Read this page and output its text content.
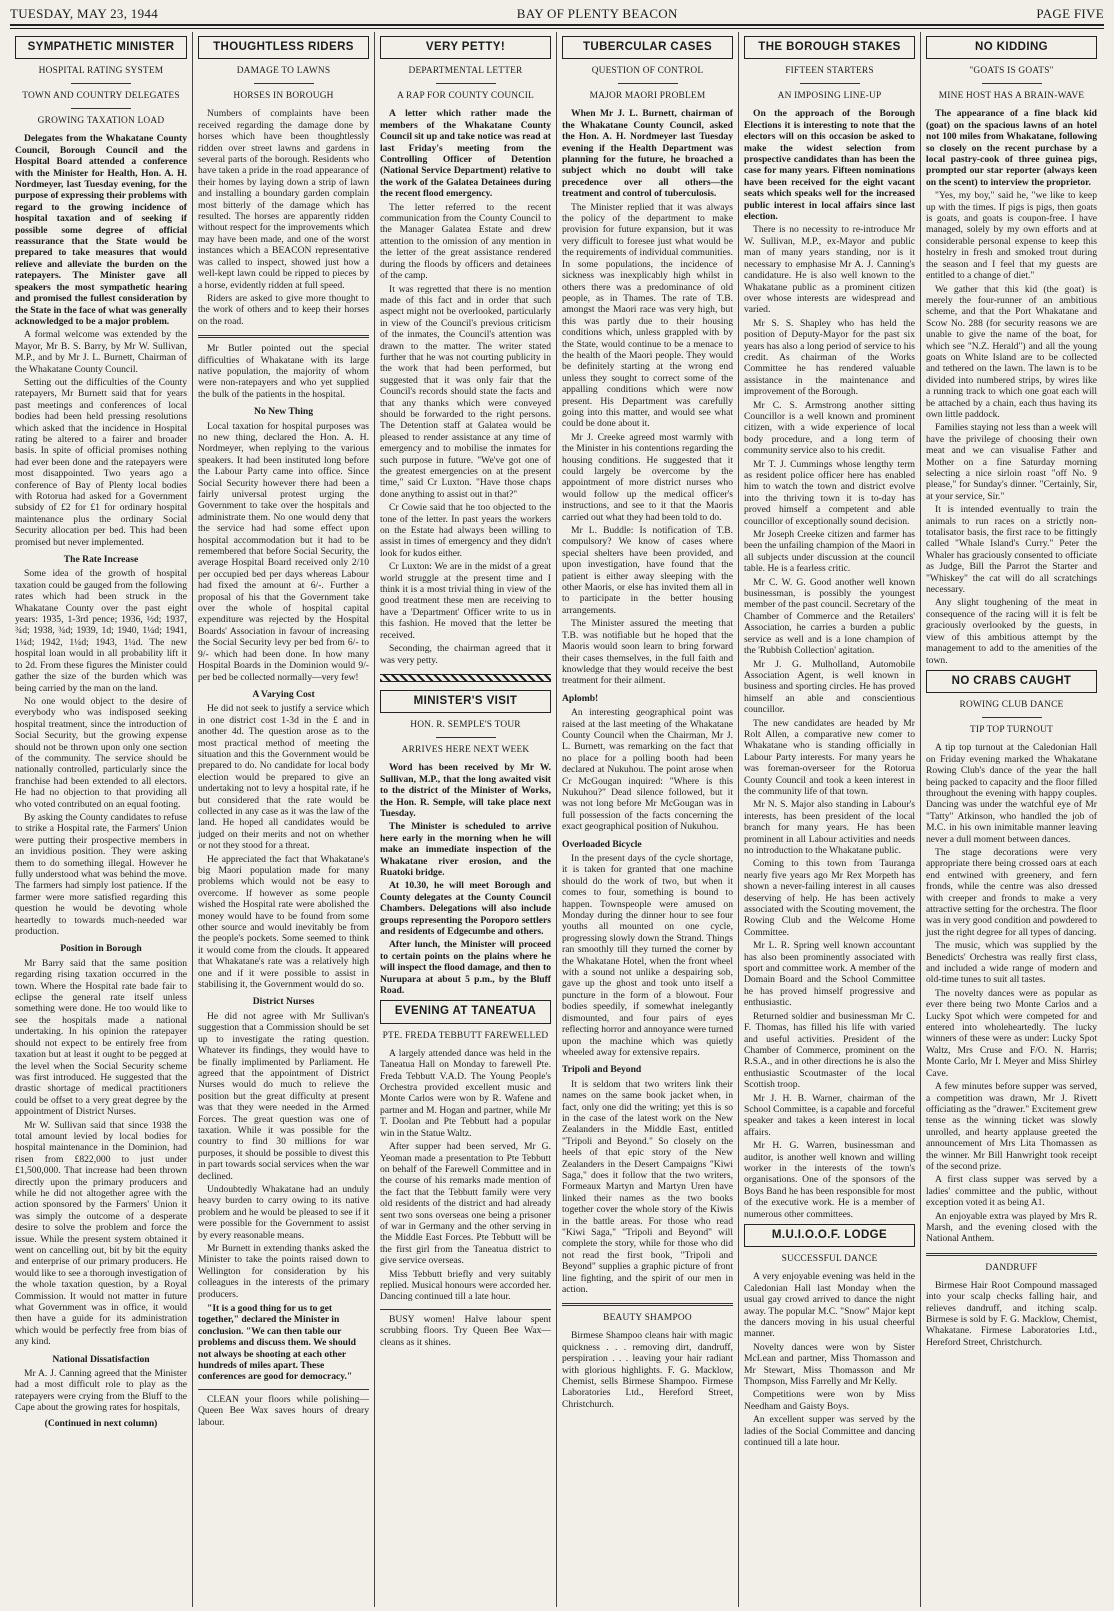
TUESDAY, MAY 23, 1944	BAY OF PLENTY BEACON	PAGE FIVE
SYMPATHETIC MINISTER
HOSPITAL RATING SYSTEM
TOWN AND COUNTRY DELEGATES
GROWING TAXATION LOAD

Delegates from the Whakatane County Council, Borough Council and the Hospital Board attended a conference with the Minister for Health, Hon. A. H. Nordmeyer, last Tuesday evening, for the purpose of expressing their problems with regard to the growing incidence of hospital taxation and of seeking if possible some degree of official reassurance that the State would be prepared to take measures that would relieve and alleviate the burden on the ratepayers. The Minister gave all speakers the most sympathetic hearing and promised the fullest consideration by the State in the face of what was generally acknowledged to be a major problem.

A formal welcome was extended by the Mayor, Mr B. S. Barry, by Mr W. Sullivan, M.P., and by Mr J. L. Burnett, Chairman of the Whakatane County Council.

Setting out the difficulties of the County ratepayers, Mr Burnett said that for years past meetings and conferences of local bodies had been held pressing resolutions which asked that the incidence in Hospital rating be altered to a fairer and broader basis. In spite of official promises nothing had ever been done and the ratepayers were most disappointed. Two years ago a conference of Bay of Plenty local bodies with Rotorua had asked for a Government subsidy of £2 for £1 for ordinary hospital maintenance plus the ordinary Social Security allocation per bed. This had been promised but never implemented.

The Rate Increase

Some idea of the growth of hospital taxation could be gauged from the following rates which had been struck in the Whakatane County over the past eight years: 1935, 1-3rd pence; 1936, ½d; 1937, ¾d; 1938, ¾d; 1939, 1d; 1940, 1¼d; 1941, 1¼d; 1942, 1¼d; 1943, 1¼d. The new hospital loan would in all probability lift it to 2d. From these figures the Minister could gather the size of the burden which was being carried by the man on the land.

No one would object to the desire of everybody who was indisposed seeking hospital treatment, since the introduction of Social Security, but the growing expense should not be thrown upon only one section of the community. The service should be nationally controlled, particularly since the franchise had been extended to all electors. He had no objection to that providing all who voted contributed on an equal footing.

By asking the County candidates to refuse to strike a Hospital rate, the Farmers' Union were putting their prospective members in an invidious position. They were asking them to do something illegal. However he fully understood what was behind the move. The farmers had simply lost patience. If the farmer were more satisfied regarding this question he would be devoting whole heartedly to towards much-needed war production.

Position in Borough

Mr Barry said that the same position regarding rising taxation occurred in the town. Where the Hospital rate bade fair to eclipse the general rate itself unless something were done. He too would like to see the hospitals made a national undertaking. In his opinion the ratepayer should not expect to be entirely free from taxation but at least it ought to be pegged at the level when the Social Security scheme was first introduced. He suggested that the drastic shortage of medical practitioners could be offset to a very great degree by the appointment of District Nurses.

Mr W. Sullivan said that since 1938 the total amount levied by local bodies for hospital maintenance in the Dominion, had risen from £822,000 to just under £1,500,000. That increase had been thrown directly upon the primary producers and while he did not altogether agree with the action sponsored by the Farmers' Union it was simply the outcome of a desperate desire to solve the problem and force the issue. While the present system obtained it went on cancelling out, bit by bit the equity and enterprise of our primary producers. He would like to see a thorough investigation of the whole taxation question, by a Royal Commission. It would not matter in future what Government was in office, it would then have a guide for its administration which would be perfectly free from bias of any kind.

National Dissatisfaction

Mr A. J. Canning agreed that the Minister had a most difficult role to play as the ratepayers were crying from the Bluff to the Cape about the growing rates for hospitals,

(Continued in next column)
THOUGHTLESS RIDERS
DAMAGE TO LAWNS
HORSES IN BOROUGH

Numbers of complaints have been received regarding the damage done by horses which have been thoughtlessly ridden over street lawns and gardens in several parts of the borough. Residents who have taken a pride in the road appearance of their homes by laying down a strip of lawn and installing a boundary garden complain most bitterly of the damage which has resulted. The horses are apparently ridden without respect for the improvements which may have been made, and one of the worst instances which a BEACON representative was called to inspect, showed just how a well-kept lawn could be ripped to pieces by a horse, evidently ridden at full speed.

Riders are asked to give more thought to the work of others and to keep their horses on the road.

Mr Butler pointed out the special difficulties of Whakatane with its large native population, the majority of whom were non-ratepayers and who yet supplied the bulk of the patients in the hospital.

No New Thing

Local taxation for hospital purposes was no new thing, declared the Hon. A. H. Nordmeyer, when replying to the various speakers. It had been instituted long before the Labour Party came into office. Since Social Security however there had been a fairly universal protest urging the Government to take over the hospitals and administrate them. No one would deny that the service had had some effect upon hospital accommodation but it had to be remembered that before Social Security, the average Hospital Board received only 2/10 per occupied bed per days whereas Labour had fixed the amount at 6/-. Further a proposal of his that the Government take over the whole of hospital capital expenditure was rejected by the Hospital Boards' Association in favour of increasing the Social Security levy per bed from 6/- to 9/- which had been done. In how many Hospital Boards in the Dominion would 9/- per bed be collected normally—very few!

A Varying Cost

He did not seek to justify a service which in one district cost 1-3d in the £ and in another 4d. The question arose as to the most practical method of meeting the situation and this the Government would be prepared to do. No candidate for local body election would be prepared to give an undertaking not to levy a hospital rate, if he but considered that the rate would be collected in any case as it was the law of the land. He hoped all candidates would be judged on their merits and not on whether or not they stood for a threat.

He appreciated the fact that Whakatane's big Maori population made for many problems which would not be easy to overcome. If however as some people wished the Hospital rate were abolished the money would have to be found from some other source and would inevitably be from the people's pockets. Some seemed to think it would come from the clouds. It appeared that Whakatane's rate was a relatively high one and if it were possible to assist in stabilising it, the Government would do so.

District Nurses

He did not agree with Mr Sullivan's suggestion that a Commission should be set up to investigate the rating question. Whatever its findings, they would have to be finally implimented by Parliament. He agreed that the appointment of District Nurses would do much to relieve the position but the great difficulty at present was that they were needed in the Armed Forces. The great question was one of taxation. While it was possible for the country to find 30 millions for war purposes, it should be possible to divest this in part towards social services when the war declined.

Undoubtedly Whakatane had an unduly heavy burden to carry owing to its native problem and he would be pleased to see if it were possible for the Government to assist by every reasonable means.

Mr Burnett in extending thanks asked the Minister to take the points raised down to Wellington for consideration by his colleagues in the interests of the primary producers.

"It is a good thing for us to get together," declared the Minister in conclusion. "We can then table our problems and discuss them. We should not always be shooting at each other hundreds of miles apart. These conferences are good for democracy."

CLEAN your floors while polishing—Queen Bee Wax saves hours of dreary labour.

VERY PETTY!
DEPARTMENTAL LETTER
A RAP FOR COUNTY COUNCIL

A letter which rather made the members of the Whakatane County Council sit up and take notice was read at last Friday's meeting from the Controlling Officer of Detention (National Service Department) relative to the work of the Galatea Detainees during the recent flood emergency.

The letter referred to the recent communication from the County Council to the Manager Galatea Estate and drew attention to the omission of any mention in the letter of the great assistance rendered during the floods by officers and detainees of the camp.

It was regretted that there is no mention made of this fact and in order that such aspect might not be overlooked, particularly in view of the Council's previous criticism of the inmates, the Council's attention was drawn to the matter. The writer stated further that he was not courting publicity in the work that had been performed, but suggested that it was only fair that the Council's records should state the facts and that any thanks which were conveyed should be forwarded to the right persons. The Detention staff at Galatea would be pleased to render assistance at any time of emergency and to mobilise the inmates for such purpose in future. "We've got one of the greatest emergencies on at the present time," said Cr Luxton. "Have those chaps done anything to assist out in that?"

Cr Cowie said that he too objected to the tone of the letter. In past years the workers on the Estate had always been willing to assist in times of emergency and they didn't look for kudos either.

Cr Luxton: We are in the midst of a great world struggle at the present time and I think it is a most trivial thing in view of the good treatment these men are receiving to have a 'Department' Officer write to us in this fashion. He moved that the letter be received.

Seconding, the chairman agreed that it was very petty.

MINISTER'S VISIT
HON. R. SEMPLE'S TOUR
ARRIVES HERE NEXT WEEK

Word has been received by Mr W. Sullivan, M.P., that the long awaited visit to the district of the Minister of Works, the Hon. R. Semple, will take place next Tuesday.

The Minister is scheduled to arrive here early in the morning when he will make an immediate inspection of the Whakatane river erosion, and the Ruatoki bridge.

At 10.30, he will meet Borough and County delegates at the County Council Chambers. Delegations will also include groups representing the Poroporo settlers and residents of Edgecumbe and others.

After lunch, the Minister will proceed to certain points on the plains where he will inspect the flood damage, and then to Nurupara at about 5 p.m., by the Bluff Road.

EVENING AT TANEATUA
PTE. FREDA TEBBUTT FAREWELLED

A largely attended dance was held in the Taneatua Hall on Monday to farewell Pte. Freda Tebbutt V.A.D. The Young People's Orchestra provided excellent music and Monte Carlos were won by R. Wafene and partner and M. Hogan and partner, while Mr T. Doolan and Pte Tebbutt had a popular win in the Statue Waltz.

After supper had been served, Mr G. Yeoman made a presentation to Pte Tebbutt on behalf of the Farewell Committee and in the course of his remarks made mention of the fact that the Tebbutt family were very old residents of the district and had already sent two sons overseas one being a prisoner of war in Germany and the other serving in the Middle East Forces. Pte Tebbutt will be the first girl from the Taneatua district to give service overseas.

Miss Tebbutt briefly and very suitably replied. Musical honours were accorded her. Dancing continued till a late hour.

BUSY women! Halve labour spent scrubbing floors. Try Queen Bee Wax—cleans as it shines.

TUBERCULAR CASES
QUESTION OF CONTROL
MAJOR MAORI PROBLEM

When Mr J. L. Burnett, chairman of the Whakatane County Council, asked the Hon. A. H. Nordmeyer last Tuesday evening if the Health Department was planning for the future, he broached a subject which no doubt will take precedence over all others—the treatment and control of tuberculosis.

The Minister replied that it was always the policy of the department to make provision for future expansion, but it was very difficult to foresee just what would be the requirements of individual communities. In some populations, the incidence of sickness was inexplicably high whilst in others there was a predominance of old people, as in Thames. The rate of T.B. amongst the Maori race was very high, but this was partly due to their housing conditions which, unless grappled with by the State, would continue to be a menace to the health of the Maori people. They would be definitely starting at the wrong end unless they sought to correct some of the appalling conditions which were now present. His Department was carefully going into this matter, and would see what could be done about it.

Mr J. Creeke agreed most warmly with the Minister in his contentions regarding the housing conditions. He suggested that it could largely be overcome by the appointment of more district nurses who would follow up the medical officer's instructions, and see to it that the Maoris carried out what they had been told to do.

Mr L. Buddle: Is notification of T.B. compulsory? We know of cases where special shelters have been provided, and upon investigation, have found that the patient is either away sleeping with the other Maoris, or else has invited them all in to participate in the better housing arrangements.

The Minister assured the meeting that T.B. was notifiable but he hoped that the Maoris would soon learn to bring forward their cases themselves, in the full faith and knowledge that they would receive the best treatment for their ailment.

Aplomb!

An interesting geographical point was raised at the last meeting of the Whakatane County Council when the Chairman, Mr J. L. Burnett, was remarking on the fact that no place for a polling booth had been declared at Nukuhou. The point arose when Cr McGougan inquired: "Where is this Nukuhou?" Dead silence followed, but it was not long before Mr McGougan was in full possession of the facts concerning the exact geographical position of Nukuhou.

Overloaded Bicycle

In the present days of the cycle shortage, it is taken for granted that one machine should do the work of two, but when it comes to four, something is bound to happen. Townspeople were amused on Monday during the dinner hour to see four youths all mounted on one cycle, progressing slowly down the Strand. Things ran smoothly till they turned the corner by the Whakatane Hotel, when the front wheel with a sound not unlike a despairing sob, gave up the ghost and took unto itself a puncture in the form of a blowout. Four bodies speedily, if somewhat inelegantly dismounted, and four pairs of eyes reflecting horror and annoyance were turned upon the machine which was quietly wheeled away for extensive repairs.

Tripoli and Beyond

It is seldom that two writers link their names on the same book jacket when, in fact, only one did the writing; yet this is so in the case of the latest work on the New Zealanders in the Middle East, entitled "Tripoli and Beyond." So closely on the heels of that epic story of the New Zealanders in the Desert Campaigns "Kiwi Saga," does it follow that the two writers, Formeaux Martyn and Martyn Uren have linked their names as the two books together cover the whole story of the Kiwis in the battle areas. For those who read "Kiwi Saga," "Tripoli and Beyond" will complete the story, while for those who did not read the first book, "Tripoli and Beyond" supplies a graphic picture of front line fighting, and the spirit of our men in action.

BEAUTY SHAMPOO

Birmese Shampoo cleans hair with magic quickness . . . removing dirt, dandruff, perspiration . . . leaving your hair radiant with glorious highlights. F. G. Macklow, Chemist, sells Birmese Shampoo. Firmese Laboratories Ltd., Hereford Street, Christchurch.

THE BOROUGH STAKES
FIFTEEN STARTERS
AN IMPOSING LINE-UP

On the approach of the Borough Elections it is interesting to note that the electors will on this occasion be asked to make the widest selection from prospective candidates than has been the case for many years. Fifteen nominations have been received for the eight vacant seats which speaks well for the increased public interest in local affairs since last election.

There is no necessity to re-introduce Mr W. Sullivan, M.P., ex-Mayor and public man of many years standing, nor is it necessary to emphasise Mr A. J. Canning's candidature. He is also well known to the Whakatane public as a prominent citizen over whose interests are widespread and varied.

Mr S. S. Shapley who has held the position of Deputy-Mayor for the past six years has also a long period of service to his credit. As chairman of the Works Committee he has rendered valuable assistance in the maintenance and improvement of the Borough.

Mr C. S. Armstrong another sitting Councillor is a well known and prominent citizen, with a wide experience of local body procedure, and a long term of community service also to his credit.

Mr T. J. Cummings whose lengthy term as resident police officer here has enabled him to watch the town and district evolve into the thriving town it is to-day has proved himself a competent and able councillor of exceptionally sound decision.

Mr Joseph Creeke citizen and farmer has been the unfailing champion of the Maori in all subjects under discussion at the council table. He is a fearless critic.

Mr C. W. G. Good another well known businessman, is possibly the youngest member of the past council. Secretary of the Chamber of Commerce and the Retailers' Association, he carries a burden a public service as well and is a lone champion of the 'Rubbish Collection' agitation.

Mr J. G. Mulholland, Automobile Association Agent, is well known in business and sporting circles. He has proved himself an able and conscientious councillor.

The new candidates are headed by Mr Rolt Allen, a comparative new comer to Whakatane who is standing officially in Labour Party interests. For many years he was foreman-overseer for the Rotorua County Council and took a keen interest in the community life of that town.

Mr N. S. Major also standing in Labour's interests, has been president of the local branch for many years. He has been prominent in all Labour activities and needs no introduction to the Whakatane public.

Coming to this town from Tauranga nearly five years ago Mr Rex Morpeth has shown a never-failing interest in all causes deserving of help. He has been actively associated with the Scouting movement, the Rowing Club and the Welcome Home Committee.

Mr L. R. Spring well known accountant has also been prominently associated with sport and committee work. A member of the Domain Board and the School Committee he has proved himself progressive and enthusiastic.

Returned soldier and businessman Mr C. F. Thomas, has filled his life with varied and useful activities. President of the Chamber of Commerce, prominent on the R.S.A., and in other directions he is also the enthusiastic Scoutmaster of the local Scottish troop.

Mr J. H. B. Warner, chairman of the School Committee, is a capable and forceful speaker and takes a keen interest in local affairs.

Mr H. G. Warren, businessman and auditor, is another well known and willing worker in the interests of the town's organisations. One of the sponsors of the Boys Band he has been responsible for most of the executive work. He is a member of numerous other committees.

M.U.I.O.O.F. LODGE
SUCCESSFUL DANCE

A very enjoyable evening was held in the Caledonian Hall last Monday when the usual gay crowd arrived to dance the night away. The popular M.C. "Snow" Major kept the dancers moving in his usual cheerful manner.

Novelty dances were won by Sister McLean and partner, Miss Thomasson and Mr Stewart, Miss Thomasson and Mr Thompson, Miss Farrelly and Mr Kelly.

Competitions were won by Miss Needham and Gaisty Boys.

An excellent supper was served by the ladies of the Social Committee and dancing continued till a late hour.

NO KIDDING
"GOATS IS GOATS"
MINE HOST HAS A BRAIN-WAVE

The appearance of a fine black kid (goat) on the spacious lawns of an hotel not 100 miles from Whakatane, following so closely on the recent purchase by a local pastry-cook of three guinea pigs, prompted our star reporter (always keen on the scent) to interview the proprietor.

"Yes, my boy," said he, "we like to keep up with the times. If pigs is pigs, then goats is goats, and goats is coupon-free. I have managed, solely by my own efforts and at considerable personal expense to keep this hostelry in fresh and smoked trout during the season and I feel that my guests are entitled to a change of diet."

We gather that this kid (the goat) is merely the four-runner of an ambitious scheme, and that the Port Whakatane and Scow No. 288 (for security reasons we are unable to give the name of the boat, for which see "N.Z. Herald") and all the young goats on White Island are to be collected and tethered on the lawn. The lawn is to be divided into numbered strips, by wires like a running track to which one goat each will be attached by a chain, each thus having its own little paddock.

Families staying not less than a week will have the privilege of choosing their own meat and we can visualise Father and Mother on a fine Saturday morning selecting a nice sirloin roast "off No. 9 please," for Sunday's dinner. "Certainly, Sir, at your service, Sir."

It is intended eventually to train the animals to run races on a strictly non-totalisator basis, the first race to be fittingly called "Whale Island's Curry." Peter the Whaler has graciously consented to officiate as Judge, Bill the Parrot the Starter and "Whiskey" the cat will do all scratchings necessary.

Any slight toughening of the meat in consequence of the racing will it is felt be graciously overlooked by the guests, in view of this ambitious attempt by the management to add to the amenities of the town.

NO CRABS CAUGHT
ROWING CLUB DANCE
TIP TOP TURNOUT

A tip top turnout at the Caledonian Hall on Friday evening marked the Whakatane Rowing Club's dance of the year the hall being packed to capacity and the floor filled throughout the evening with happy couples. Dancing was under the watchful eye of Mr "Tatty" Atkinson, who handled the job of M.C. in his own inimitable manner leaving never a dull moment between dances.

The stage decorations were very appropriate there being crossed oars at each end entwined with greenery, and fern fronds, while the centre was also dressed with creeper and fronds to make a very attractive setting for the orchestra. The floor was in very good condition and powdered to just the right degree for all types of dancing.

The music, which was supplied by the Benedicts' Orchestra was really first class, and included a wide range of modern and old-time tunes to suit all tastes.

The novelty dances were as popular as ever there being two Monte Carlos and a Lucky Spot which were competed for and entered into wholeheartedly. The lucky winners of these were as under: Lucky Spot Waltz, Mrs Cruse and F/O. N. Harris; Monte Carlo, Mr I. Meyer and Miss Shirley Cave.

A few minutes before supper was served, a competition was drawn, Mr J. Rivett officiating as the "drawer." Excitement grew tense as the winning ticket was slowly unrolled, and hearty applause greeted the announcement of Mrs Lita Thomassen as the winner. Mr Bill Hanwright took receipt of the second prize.

A first class supper was served by a ladies' committee and the public, without exception voted it as being A1.

An enjoyable extra was played by Mrs R. Marsh, and the evening closed with the National Anthem.

DANDRUFF

Birmese Hair Root Compound massaged into your scalp checks falling hair, and relieves dandruff, and itching scalp. Birmese is sold by F. G. Macklow, Chemist, Whakatane. Firmese Laboratories Ltd., Hereford Street, Christchurch.
